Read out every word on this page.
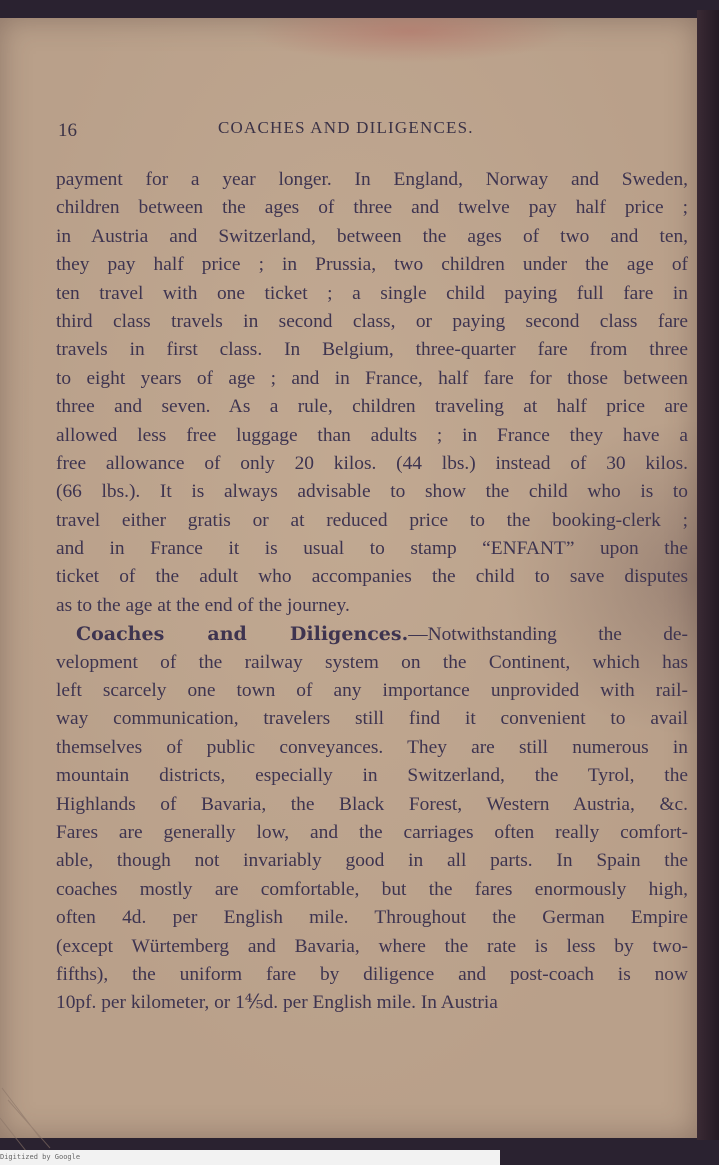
16	COACHES AND DILIGENCES.
payment for a year longer. In England, Norway and Sweden,
children between the ages of three and twelve pay half price ;
in Austria and Switzerland, between the ages of two and ten,
they pay half price ; in Prussia, two children under the age of
ten travel with one ticket ; a single child paying full fare in
third class travels in second class, or paying second class fare
travels in first class. In Belgium, three-quarter fare from three
to eight years of age ; and in France, half fare for those between
three and seven. As a rule, children traveling at half price are
allowed less free luggage than adults ; in France they have a
free allowance of only 20 kilos. (44 lbs.) instead of 30 kilos.
(66 lbs.). It is always advisable to show the child who is to
travel either gratis or at reduced price to the booking-clerk ;
and in France it is usual to stamp “ENFANT” upon the
ticket of the adult who accompanies the child to save disputes
as to the age at the end of the journey.
Coaches and Diligences.—Notwithstanding the de-
velopment of the railway system on the Continent, which has
left scarcely one town of any importance unprovided with rail-
way communication, travelers still find it convenient to avail
themselves of public conveyances. They are still numerous in
mountain districts, especially in Switzerland, the Tyrol, the
Highlands of Bavaria, the Black Forest, Western Austria, &c.
Fares are generally low, and the carriages often really comfort-
able, though not invariably good in all parts. In Spain the
coaches mostly are comfortable, but the fares enormously high,
often 4d. per English mile. Throughout the German Empire
(except Würtemberg and Bavaria, where the rate is less by two-
fifths), the uniform fare by diligence and post-coach is now
10pf. per kilometer, or 1⅘d. per English mile. In Austria
Digitized by Google
